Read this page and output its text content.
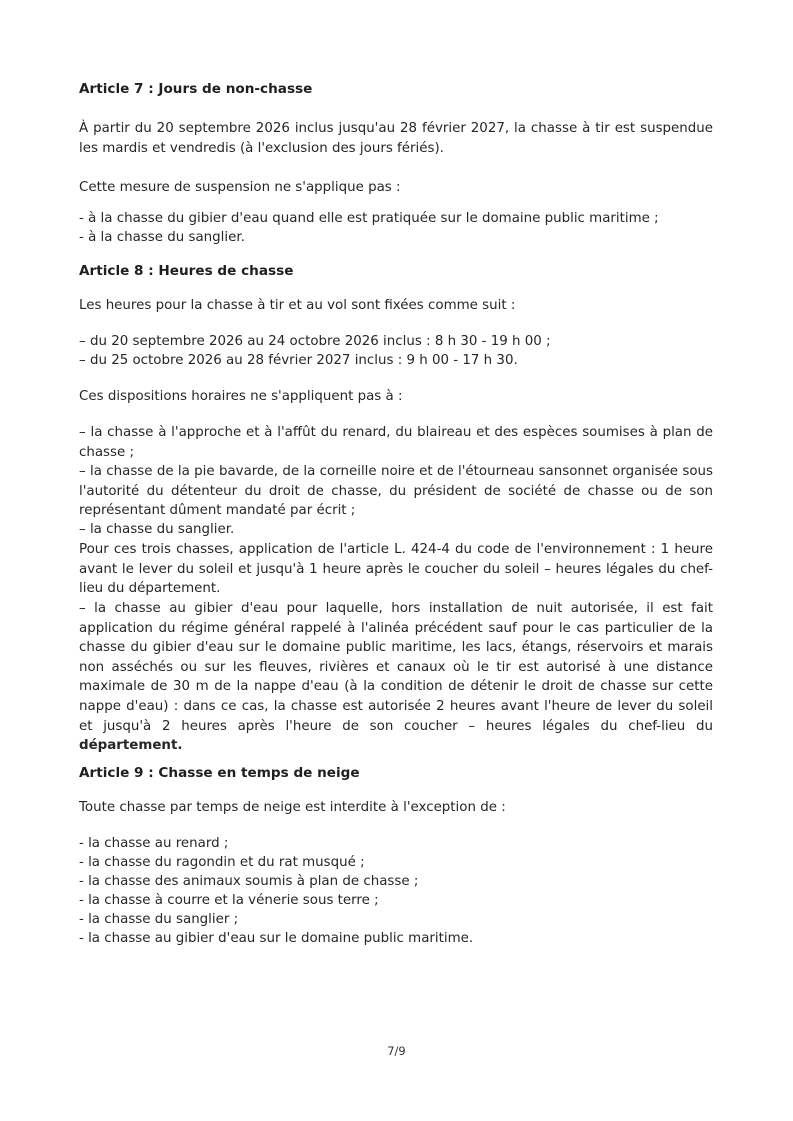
Article 7 : Jours de non-chasse
À partir du 20 septembre 2026 inclus jusqu'au 28 février 2027, la chasse à tir est suspendue les mardis et vendredis (à l'exclusion des jours fériés).
Cette mesure de suspension ne s'applique pas :
- à la chasse du gibier d'eau quand elle est pratiquée sur le domaine public maritime ;
- à la chasse du sanglier.
Article 8 : Heures de chasse
Les heures pour la chasse à tir et au vol sont fixées comme suit :
– du 20 septembre 2026 au 24 octobre 2026 inclus : 8 h 30 - 19 h 00 ;
– du 25 octobre 2026 au 28 février 2027 inclus : 9 h 00 - 17 h 30.
Ces dispositions horaires ne s'appliquent pas à :
– la chasse à l'approche et à l'affût du renard, du blaireau et des espèces soumises à plan de chasse ;
– la chasse de la pie bavarde, de la corneille noire et de l'étourneau sansonnet organisée sous l'autorité du détenteur du droit de chasse, du président de société de chasse ou de son représentant dûment mandaté par écrit ;
– la chasse du sanglier.
Pour ces trois chasses, application de l'article L. 424-4 du code de l'environnement : 1 heure avant le lever du soleil et jusqu'à 1 heure après le coucher du soleil – heures légales du chef-lieu du département.
– la chasse au gibier d'eau pour laquelle, hors installation de nuit autorisée, il est fait application du régime général rappelé à l'alinéa précédent sauf pour le cas particulier de la chasse du gibier d'eau sur le domaine public maritime, les lacs, étangs, réservoirs et marais non asséchés ou sur les fleuves, rivières et canaux où le tir est autorisé à une distance maximale de 30 m de la nappe d'eau (à la condition de détenir le droit de chasse sur cette nappe d'eau) : dans ce cas, la chasse est autorisée 2 heures avant l'heure de lever du soleil et jusqu'à 2 heures après l'heure de son coucher – heures légales du chef-lieu du département.
Article 9 : Chasse en temps de neige
Toute chasse par temps de neige est interdite à l'exception de :
- la chasse au renard ;
- la chasse du ragondin et du rat musqué ;
- la chasse des animaux soumis à plan de chasse ;
- la chasse à courre et la vénerie sous terre ;
- la chasse du sanglier ;
- la chasse au gibier d'eau sur le domaine public maritime.
7/9
